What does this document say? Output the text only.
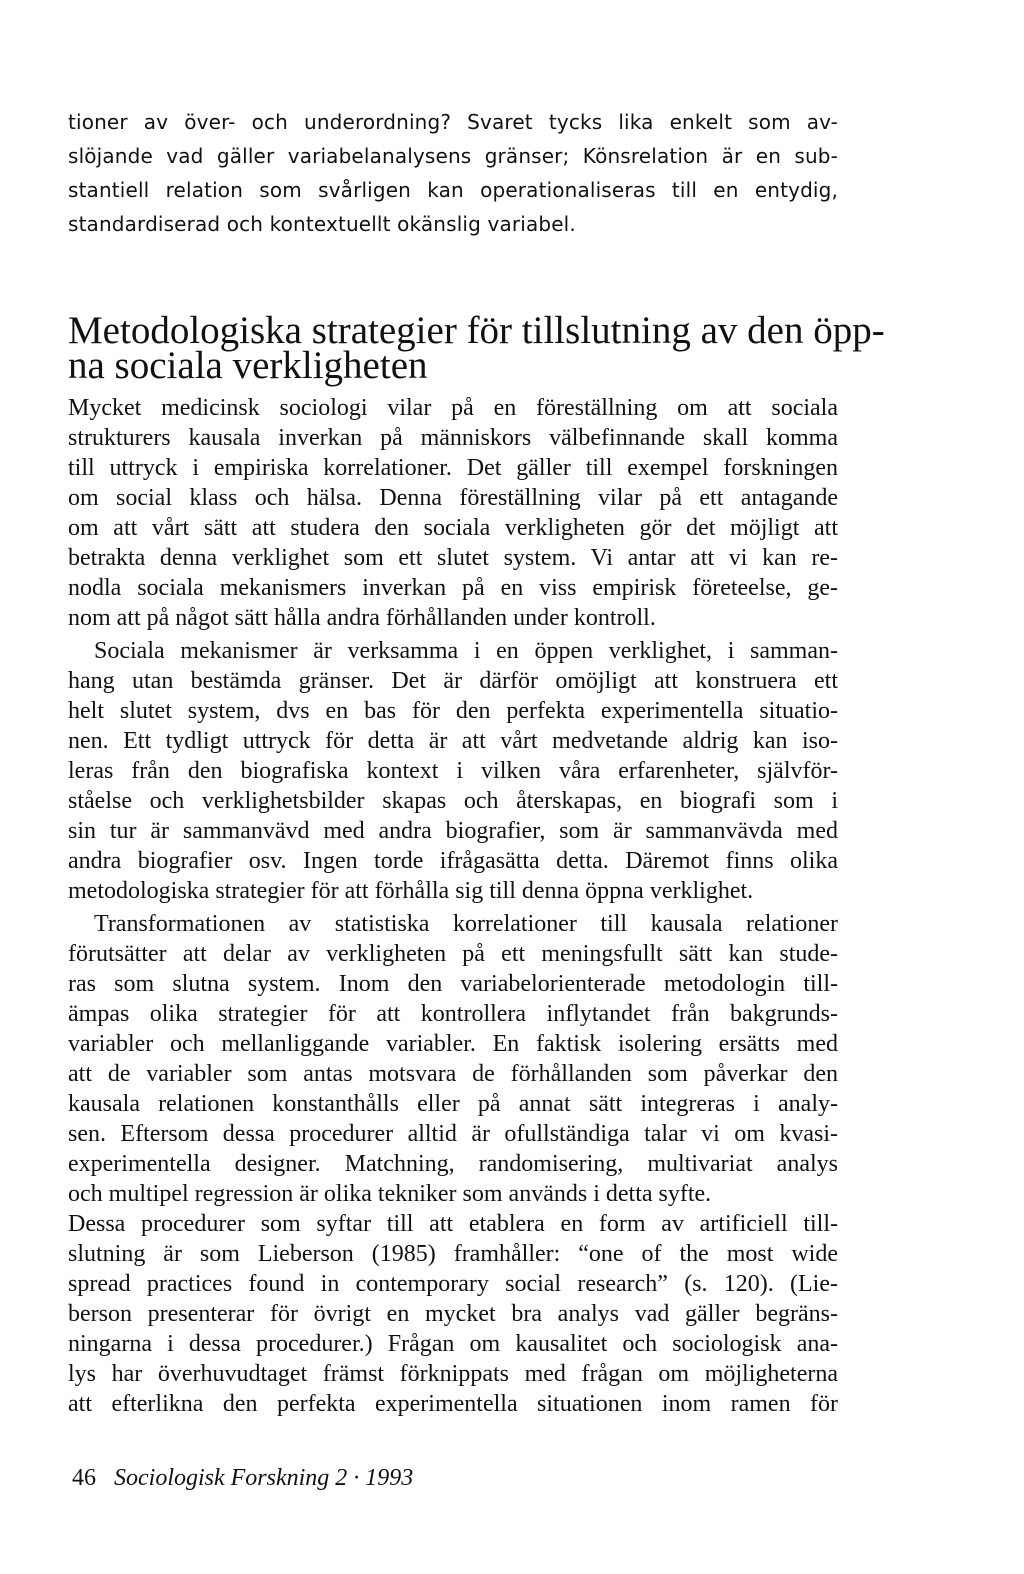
tioner av över- och underordning? Svaret tycks lika enkelt som av-

slöjande vad gäller variabelanalysens gränser; Könsrelation är en sub-

stantiell relation som svårligen kan operationaliseras till en entydig,

standardiserad och kontextuellt okänslig variabel.

Metodologiska strategier för tillslutning av den öpp-
na sociala verkligheten

Mycket medicinsk sociologi vilar på en föreställning om att sociala

strukturers kausala inverkan på människors välbefinnande skall komma

till uttryck i empiriska korrelationer. Det gäller till exempel forskningen

om social klass och hälsa. Denna föreställning vilar på ett antagande

om att vårt sätt att studera den sociala verkligheten gör det möjligt att

betrakta denna verklighet som ett slutet system. Vi antar att vi kan re-

nodla sociala mekanismers inverkan på en viss empirisk företeelse, ge-

nom att på något sätt hålla andra förhållanden under kontroll.

Sociala mekanismer är verksamma i en öppen verklighet, i samman-

hang utan bestämda gränser. Det är därför omöjligt att konstruera ett

helt slutet system, dvs en bas för den perfekta experimentella situatio-

nen. Ett tydligt uttryck för detta är att vårt medvetande aldrig kan iso-

leras från den biografiska kontext i vilken våra erfarenheter, självför-

ståelse och verklighetsbilder skapas och återskapas, en biografi som i

sin tur är sammanvävd med andra biografier, som är sammanvävda med

andra biografier osv. Ingen torde ifrågasätta detta. Däremot finns olika

metodologiska strategier för att förhålla sig till denna öppna verklighet.

Transformationen av statistiska korrelationer till kausala relationer

förutsätter att delar av verkligheten på ett meningsfullt sätt kan stude-

ras som slutna system. Inom den variabelorienterade metodologin till-

ämpas olika strategier för att kontrollera inflytandet från bakgrunds-

variabler och mellanliggande variabler. En faktisk isolering ersätts med

att de variabler som antas motsvara de förhållanden som påverkar den

kausala relationen konstanthålls eller på annat sätt integreras i analy-

sen. Eftersom dessa procedurer alltid är ofullständiga talar vi om kvasi-

experimentella designer. Matchning, randomisering, multivariat analys

och multipel regression är olika tekniker som används i detta syfte.

Dessa procedurer som syftar till att etablera en form av artificiell till-

slutning är som Lieberson (1985) framhåller: “one of the most wide

spread practices found in contemporary social research” (s. 120). (Lie-

berson presenterar för övrigt en mycket bra analys vad gäller begräns-

ningarna i dessa procedurer.) Frågan om kausalitet och sociologisk ana-

lys har överhuvudtaget främst förknippats med frågan om möjligheterna

att efterlikna den perfekta experimentella situationen inom ramen för

46 Sociologisk Forskning 2 · 1993
